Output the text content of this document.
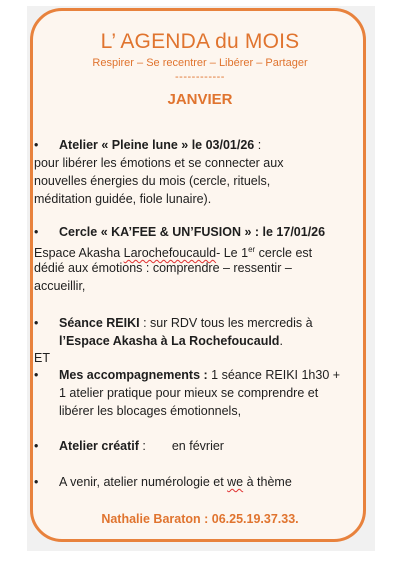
L’ AGENDA du MOIS
Respirer – Se recentrer – Libérer – Partager
------------
JANVIER
• Atelier « Pleine lune » le 03/01/26 :
pour libérer les émotions et se connecter aux
nouvelles énergies du mois (cercle, rituels,
méditation guidée, fiole lunaire).
• Cercle « KA’FEE & UN’FUSION » : le 17/01/26
Espace Akasha Larochefoucauld- Le 1er cercle est
dédié aux émotions : comprendre – ressentir –
accueillir,
• Séance REIKI : sur RDV tous les mercredis à
l’Espace Akasha à La Rochefoucauld.
ET
• Mes accompagnements : 1 séance REIKI 1h30 +
1 atelier pratique pour mieux se comprendre et
libérer les blocages émotionnels,
• Atelier créatif : en février
• A venir, atelier numérologie et we à thème
Nathalie Baraton : 06.25.19.37.33.
